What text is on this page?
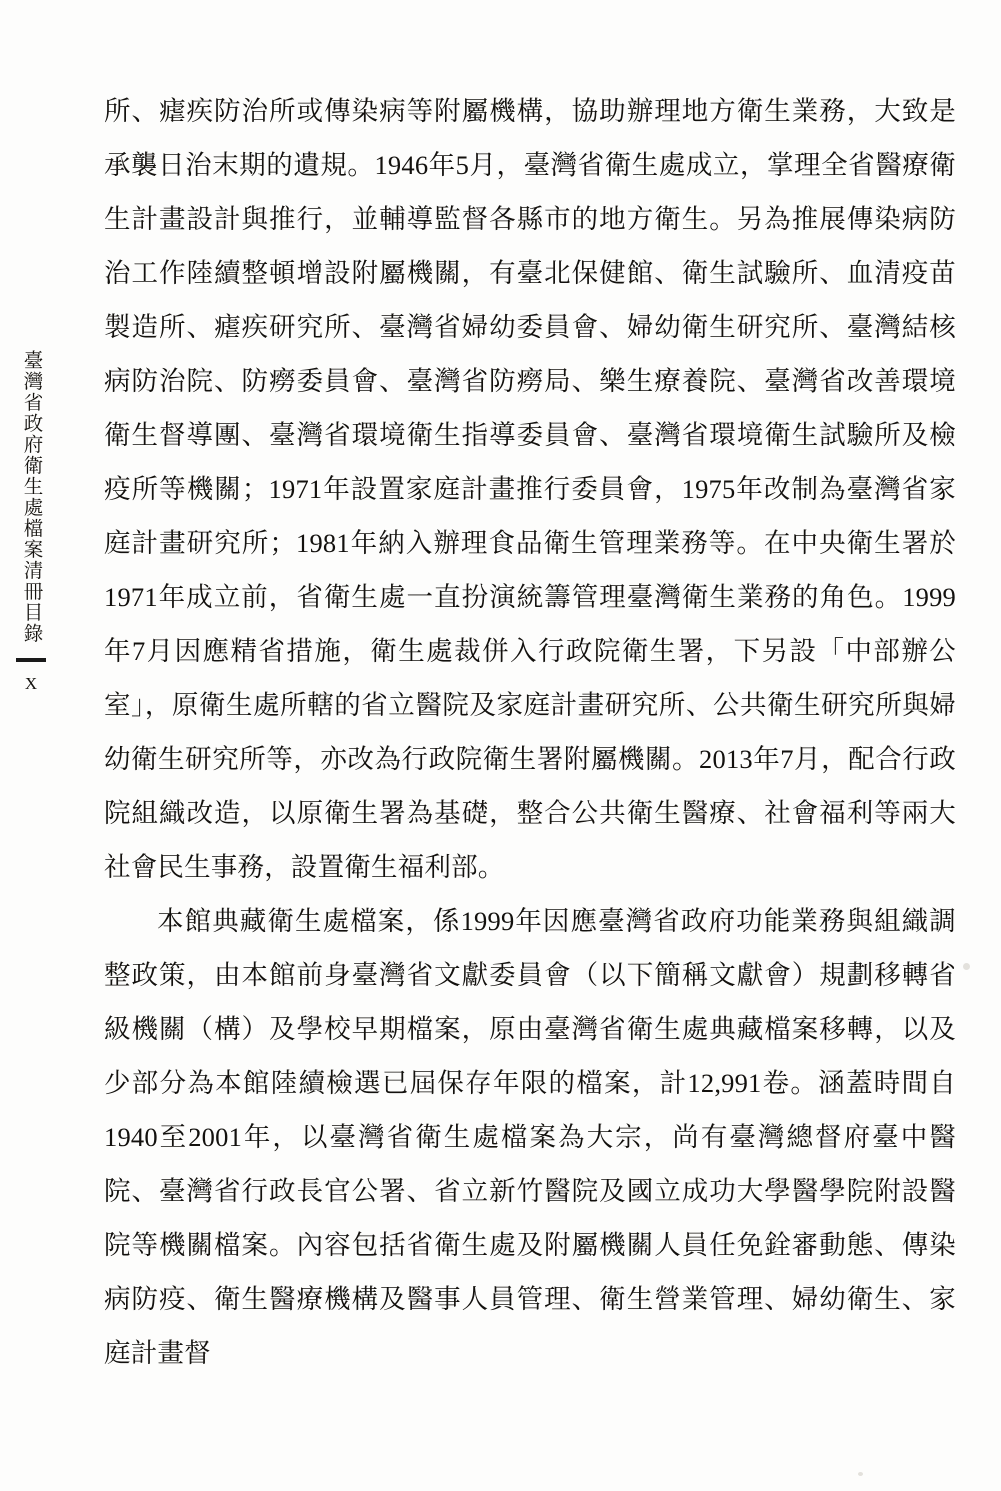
臺灣省政府衛生處檔案清冊目錄
X

所、瘧疾防治所或傳染病等附屬機構，協助辦理地方衛生業務，大致是承襲日治末期的遺規。1946年5月，臺灣省衛生處成立，掌理全省醫療衛生計畫設計與推行，並輔導監督各縣市的地方衛生。另為推展傳染病防治工作陸續整頓增設附屬機關，有臺北保健館、衛生試驗所、血清疫苗製造所、瘧疾研究所、臺灣省婦幼委員會、婦幼衛生研究所、臺灣結核病防治院、防癆委員會、臺灣省防癆局、樂生療養院、臺灣省改善環境衛生督導團、臺灣省環境衛生指導委員會、臺灣省環境衛生試驗所及檢疫所等機關；1971年設置家庭計畫推行委員會，1975年改制為臺灣省家庭計畫研究所；1981年納入辦理食品衛生管理業務等。在中央衛生署於1971年成立前，省衛生處一直扮演統籌管理臺灣衛生業務的角色。1999年7月因應精省措施，衛生處裁併入行政院衛生署，下另設「中部辦公室」，原衛生處所轄的省立醫院及家庭計畫研究所、公共衛生研究所與婦幼衛生研究所等，亦改為行政院衛生署附屬機關。2013年7月，配合行政院組織改造，以原衛生署為基礎，整合公共衛生醫療、社會福利等兩大社會民生事務，設置衛生福利部。

本館典藏衛生處檔案，係1999年因應臺灣省政府功能業務與組織調整政策，由本館前身臺灣省文獻委員會（以下簡稱文獻會）規劃移轉省級機關（構）及學校早期檔案，原由臺灣省衛生處典藏檔案移轉，以及少部分為本館陸續檢選已屆保存年限的檔案，計12,991卷。涵蓋時間自1940至2001年，以臺灣省衛生處檔案為大宗，尚有臺灣總督府臺中醫院、臺灣省行政長官公署、省立新竹醫院及國立成功大學醫學院附設醫院等機關檔案。內容包括省衛生處及附屬機關人員任免銓審動態、傳染病防疫、衛生醫療機構及醫事人員管理、衛生營業管理、婦幼衛生、家庭計畫督
